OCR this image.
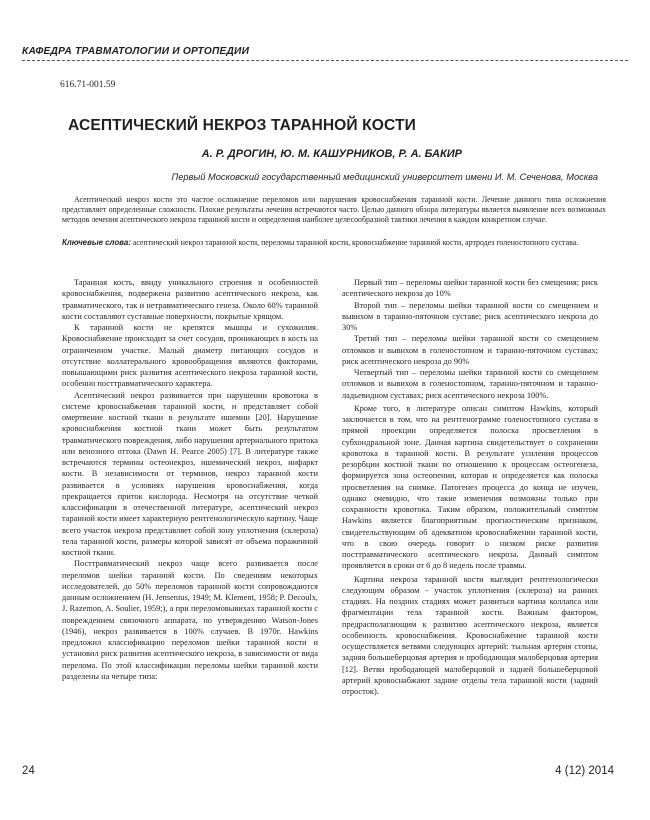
КАФЕДРА ТРАВМАТОЛОГИИ И ОРТОПЕДИИ
616.71-001.59
АСЕПТИЧЕСКИЙ НЕКРОЗ ТАРАННОЙ КОСТИ
А. Р. ДРОГИН, Ю. М. КАШУРНИКОВ, Р. А. БАКИР
Первый Московский государственный медицинский университет имени И. М. Сеченова, Москва
Асептический некроз кости это частое осложнение переломов или нарушения кровоснабжения таранной кости. Лечение данного типа осложнения представляет определенные сложности. Плохие результаты лечения встречаются часто. Целью данного обзора литературы является выявление всех возможных методов лечения асептического некроза таранной кости и определения наиболее целесообразной тактики лечения в каждом конкретном случае.
Ключевые слова: асептический некроз таранной кости, переломы таранной кости, кровоснабжение таранной кости, артродез голеностопного сустава.

Таранная кость, ввиду уникального строения и особенностей кровоснабжения, подвержена развитию асептического некроза, как травматического, так и нетравматического генеза. Около 60% таранной кости составляют суставные поверхности, покрытые хрящом.

К таранной кости не крепятся мышцы и сухожилия. Кровоснабжение происходит за счет сосудов, проникающих в кость на ограниченном участке. Малый диаметр питающих сосудов и отсутствие коллатерального кровообращения являются факторами, повышающими риск развития асептического некроза таранной кости, особенно посттравматического характера.

Асептический некроз развивается при нарушении кровотока в системе кровоснабжения таранной кости, и представляет собой омертвение костной ткани в результате ишемии [20]. Нарушение кровоснабжения костной ткани может быть результатом травматического повреждения, либо нарушения артериального притока или венозного оттока (Dawn H. Pearce 2005) [7]. В литературе также встречаются термины остеонекроз, ишемический некроз, инфаркт кости. В независимости от терминов, некроз таранной кости развивается в условиях нарушения кровоснабжения, когда прекращается приток кислорода. Несмотря на отсутствие четкой классификации в отечественной литературе, асептический некроз таранной кости имеет характерную рентгенологическую картину. Чаще всего участок некроза представляет собой зону уплотнения (склероза) тела таранной кости, размеры которой зависят от объема пораженной костной ткани.

Посттравматический некроз чаще всего развивается после переломов шейки таранной кости. По сведениям некоторых исследователей, до 50% переломов таранной кости сопровождаются данным осложнением (H. Jensenius, 1949; M. Klement, 1958; P. Decoulx, J. Razemon, A. Soulier, 1959;), а при переломовывихах таранной кости с повреждением связочного аппарата, по утверждению Watson-Jones (1946), некроз развивается в 100% случаев. В 1970г. Hawkins предложил классификацию переломов шейки таранной кости и установил риск развития асептического некроза, в зависимости от вида перелома. По этой классификации переломы шейки таранной кости разделены на четыре типа:

Первый тип – переломы шейки таранной кости без смещения; риск асептического некроза до 10%

Второй тип – переломы шейки таранной кости со смещением и вывихом в таранно-пяточном суставе; риск асептического некроза до 30%

Третий тип – переломы шейки таранной кости со смещением отломков и вывихом в голеностопном и таранно-пяточном суставах; риск асептического некроза до 90%

Четвертый тип – переломы шейки таранной кости со смещением отломков и вывихом в голеностопном, таранно-пяточном и таранно-ладьевидном суставах; риск асептического некроза 100%.

Кроме того, в литературе описан симптом Hawkins, который заключается в том, что на рентгенограмме голеностопного сустава в прямой проекции определяется полоска просветления в субхондральной зоне. Данная картина свидетельствует о сохранении кровотока в таранной кости. В результате усиления процессов резорбции костной ткани по отношению к процессам остеогенеза, формируется зона остеопении, которая и определяется как полоска просветления на снимке. Патогенез процесса до конца не изучен, однако очевидно, что такие изменения возможны только при сохранности кровотока. Таким образом, положительный симптом Hawkins является благоприятным прогностическим признаком, свидетельствующим об адекватном кровоснабжении таранной кости, что в свою очередь говорит о низком риске развития посттравматического асептического некроза. Данный симптом проявляется в сроки от 6 до 8 недель после травмы.

Картина некроза таранной кости выглядит рентгенологически следующим образом - участок уплотнения (склероза) на ранних стадиях. На поздних стадиях может развиться картина коллапса или фрагментации тела таранной кости. Важным фактором, предрасполагающим к развитию асептического некроза, является особенность кровоснабжения. Кровоснабжение таранной кости осуществляется ветвями следующих артерий: тыльная артерия стопы, задняя большеберцовая артерия и прободающая малоберцовая артерия [12]. Ветви прободающей малоберцовой и задней большеберцовой артерий кровоснабжают задние отделы тела таранной кости (задний отросток).

24	4 (12) 2014
